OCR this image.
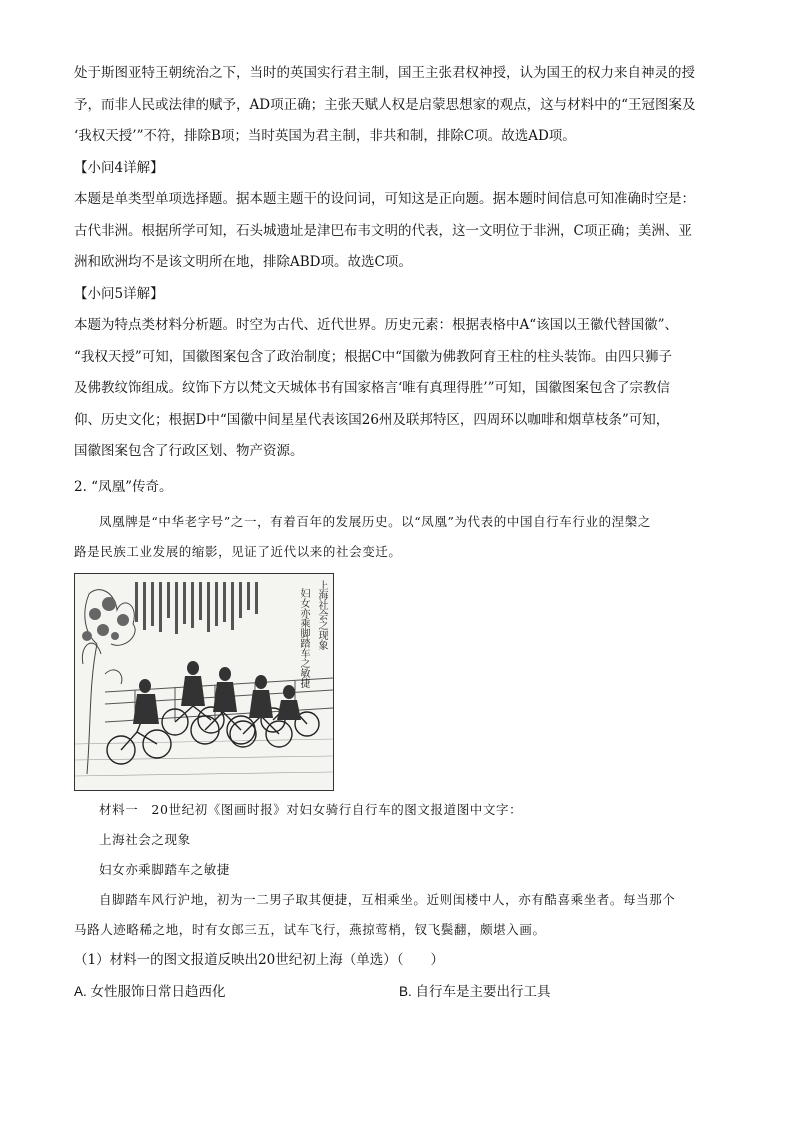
处于斯图亚特王朝统治之下，当时的英国实行君主制，国王主张君权神授，认为国王的权力来自神灵的授

予，而非人民或法律的赋予，AD项正确；主张天赋人权是启蒙思想家的观点，这与材料中的“王冠图案及

‘我权天授’”不符，排除B项；当时英国为君主制，非共和制，排除C项。故选AD项。

【小问4详解】

本题是单类型单项选择题。据本题主题干的设问词，可知这是正向题。据本题时间信息可知准确时空是：

古代非洲。根据所学可知，石头城遗址是津巴布韦文明的代表，这一文明位于非洲，C项正确；美洲、亚

洲和欧洲均不是该文明所在地，排除ABD项。故选C项。

【小问5详解】

本题为特点类材料分析题。时空为古代、近代世界。历史元素：根据表格中A“该国以王徽代替国徽”、

“我权天授”可知，国徽图案包含了政治制度；根据C中“国徽为佛教阿育王柱的柱头装饰。由四只狮子

及佛教纹饰组成。纹饰下方以梵文天城体书有国家格言‘唯有真理得胜’”可知，国徽图案包含了宗教信

仰、历史文化；根据D中“国徽中间星星代表该国26州及联邦特区，四周环以咖啡和烟草枝条”可知，

国徽图案包含了行政区划、物产资源。

2. “凤凰”传奇。

凤凰牌是“中华老字号”之一，有着百年的发展历史。以“凤凰”为代表的中国自行车行业的涅槃之

路是民族工业发展的缩影，见证了近代以来的社会变迁。

上海社会之现象
妇女亦乘脚踏车之敏捷

材料一　20世纪初《图画时报》对妇女骑行自行车的图文报道图中文字：

上海社会之现象

妇女亦乘脚踏车之敏捷

自脚踏车风行沪地，初为一二男子取其便捷，互相乘坐。近则闺楼中人，亦有酷喜乘坐者。每当那个

马路人迹略稀之地，时有女郎三五，试车飞行，燕掠莺梢，钗飞鬓翻，颇堪入画。

（1）材料一的图文报道反映出20世纪初上海（单选）（　　）

A. 女性服饰日常日趋西化	B. 自行车是主要出行工具
